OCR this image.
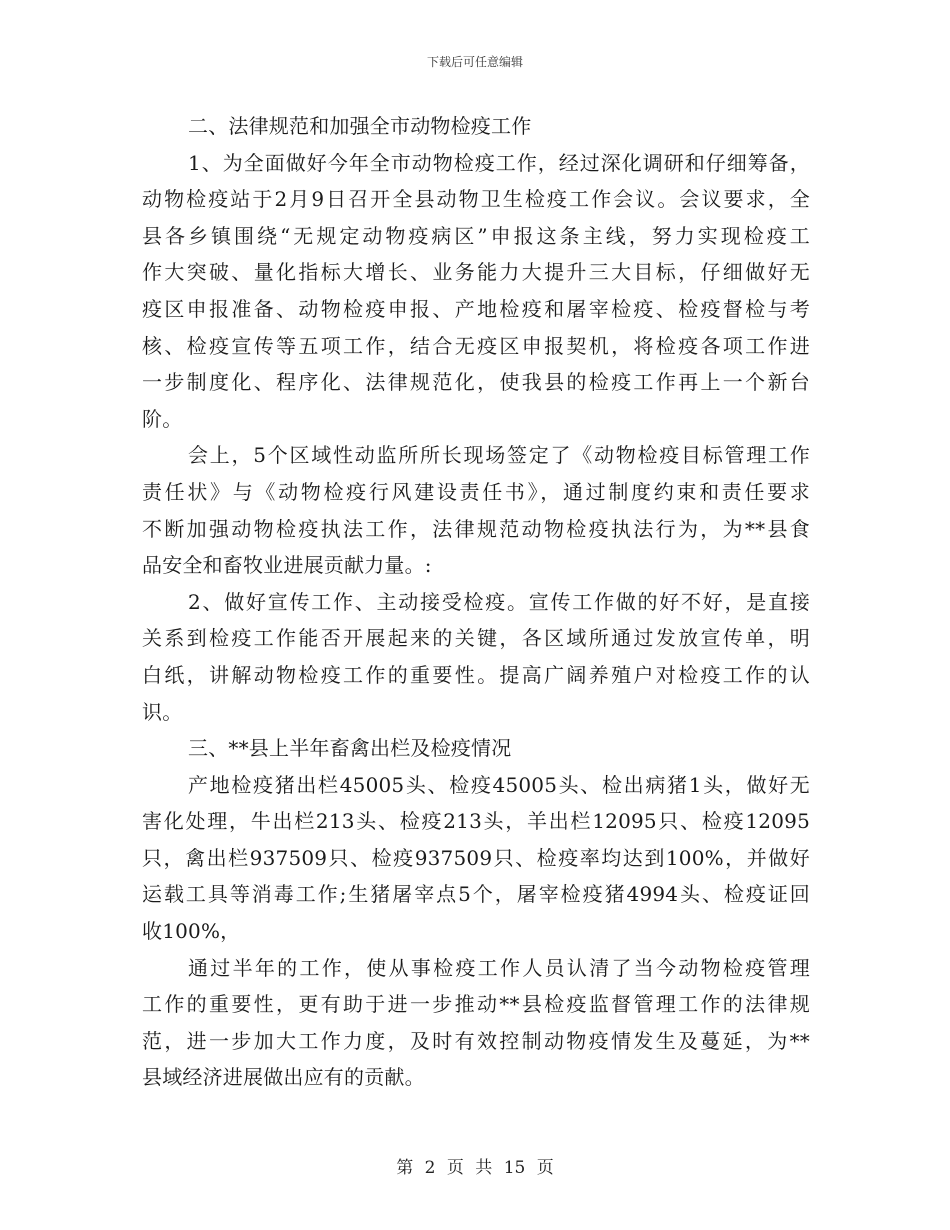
下载后可任意编辑
二、法律规范和加强全市动物检疫工作
1、为全面做好今年全市动物检疫工作，经过深化调研和仔细筹备，
动物检疫站于2月9日召开全县动物卫生检疫工作会议。会议要求，全
县各乡镇围绕“无规定动物疫病区”申报这条主线，努力实现检疫工
作大突破、量化指标大增长、业务能力大提升三大目标，仔细做好无
疫区申报准备、动物检疫申报、产地检疫和屠宰检疫、检疫督检与考
核、检疫宣传等五项工作，结合无疫区申报契机，将检疫各项工作进
一步制度化、程序化、法律规范化，使我县的检疫工作再上一个新台
阶。
会上，5个区域性动监所所长现场签定了《动物检疫目标管理工作
责任状》与《动物检疫行风建设责任书》，通过制度约束和责任要求
不断加强动物检疫执法工作，法律规范动物检疫执法行为，为**县食
品安全和畜牧业进展贡献力量。:
2、做好宣传工作、主动接受检疫。宣传工作做的好不好，是直接
关系到检疫工作能否开展起来的关键，各区域所通过发放宣传单，明
白纸，讲解动物检疫工作的重要性。提高广阔养殖户对检疫工作的认
识。
三、**县上半年畜禽出栏及检疫情况
产地检疫猪出栏45005头、检疫45005头、检出病猪1头，做好无
害化处理，牛出栏213头、检疫213头，羊出栏12095只、检疫12095
只，禽出栏937509只、检疫937509只、检疫率均达到100%，并做好
运载工具等消毒工作;生猪屠宰点5个，屠宰检疫猪4994头、检疫证回
收100%，
通过半年的工作，使从事检疫工作人员认清了当今动物检疫管理
工作的重要性，更有助于进一步推动**县检疫监督管理工作的法律规
范，进一步加大工作力度，及时有效控制动物疫情发生及蔓延，为**
县域经济进展做出应有的贡献。
第 2 页 共 15 页
